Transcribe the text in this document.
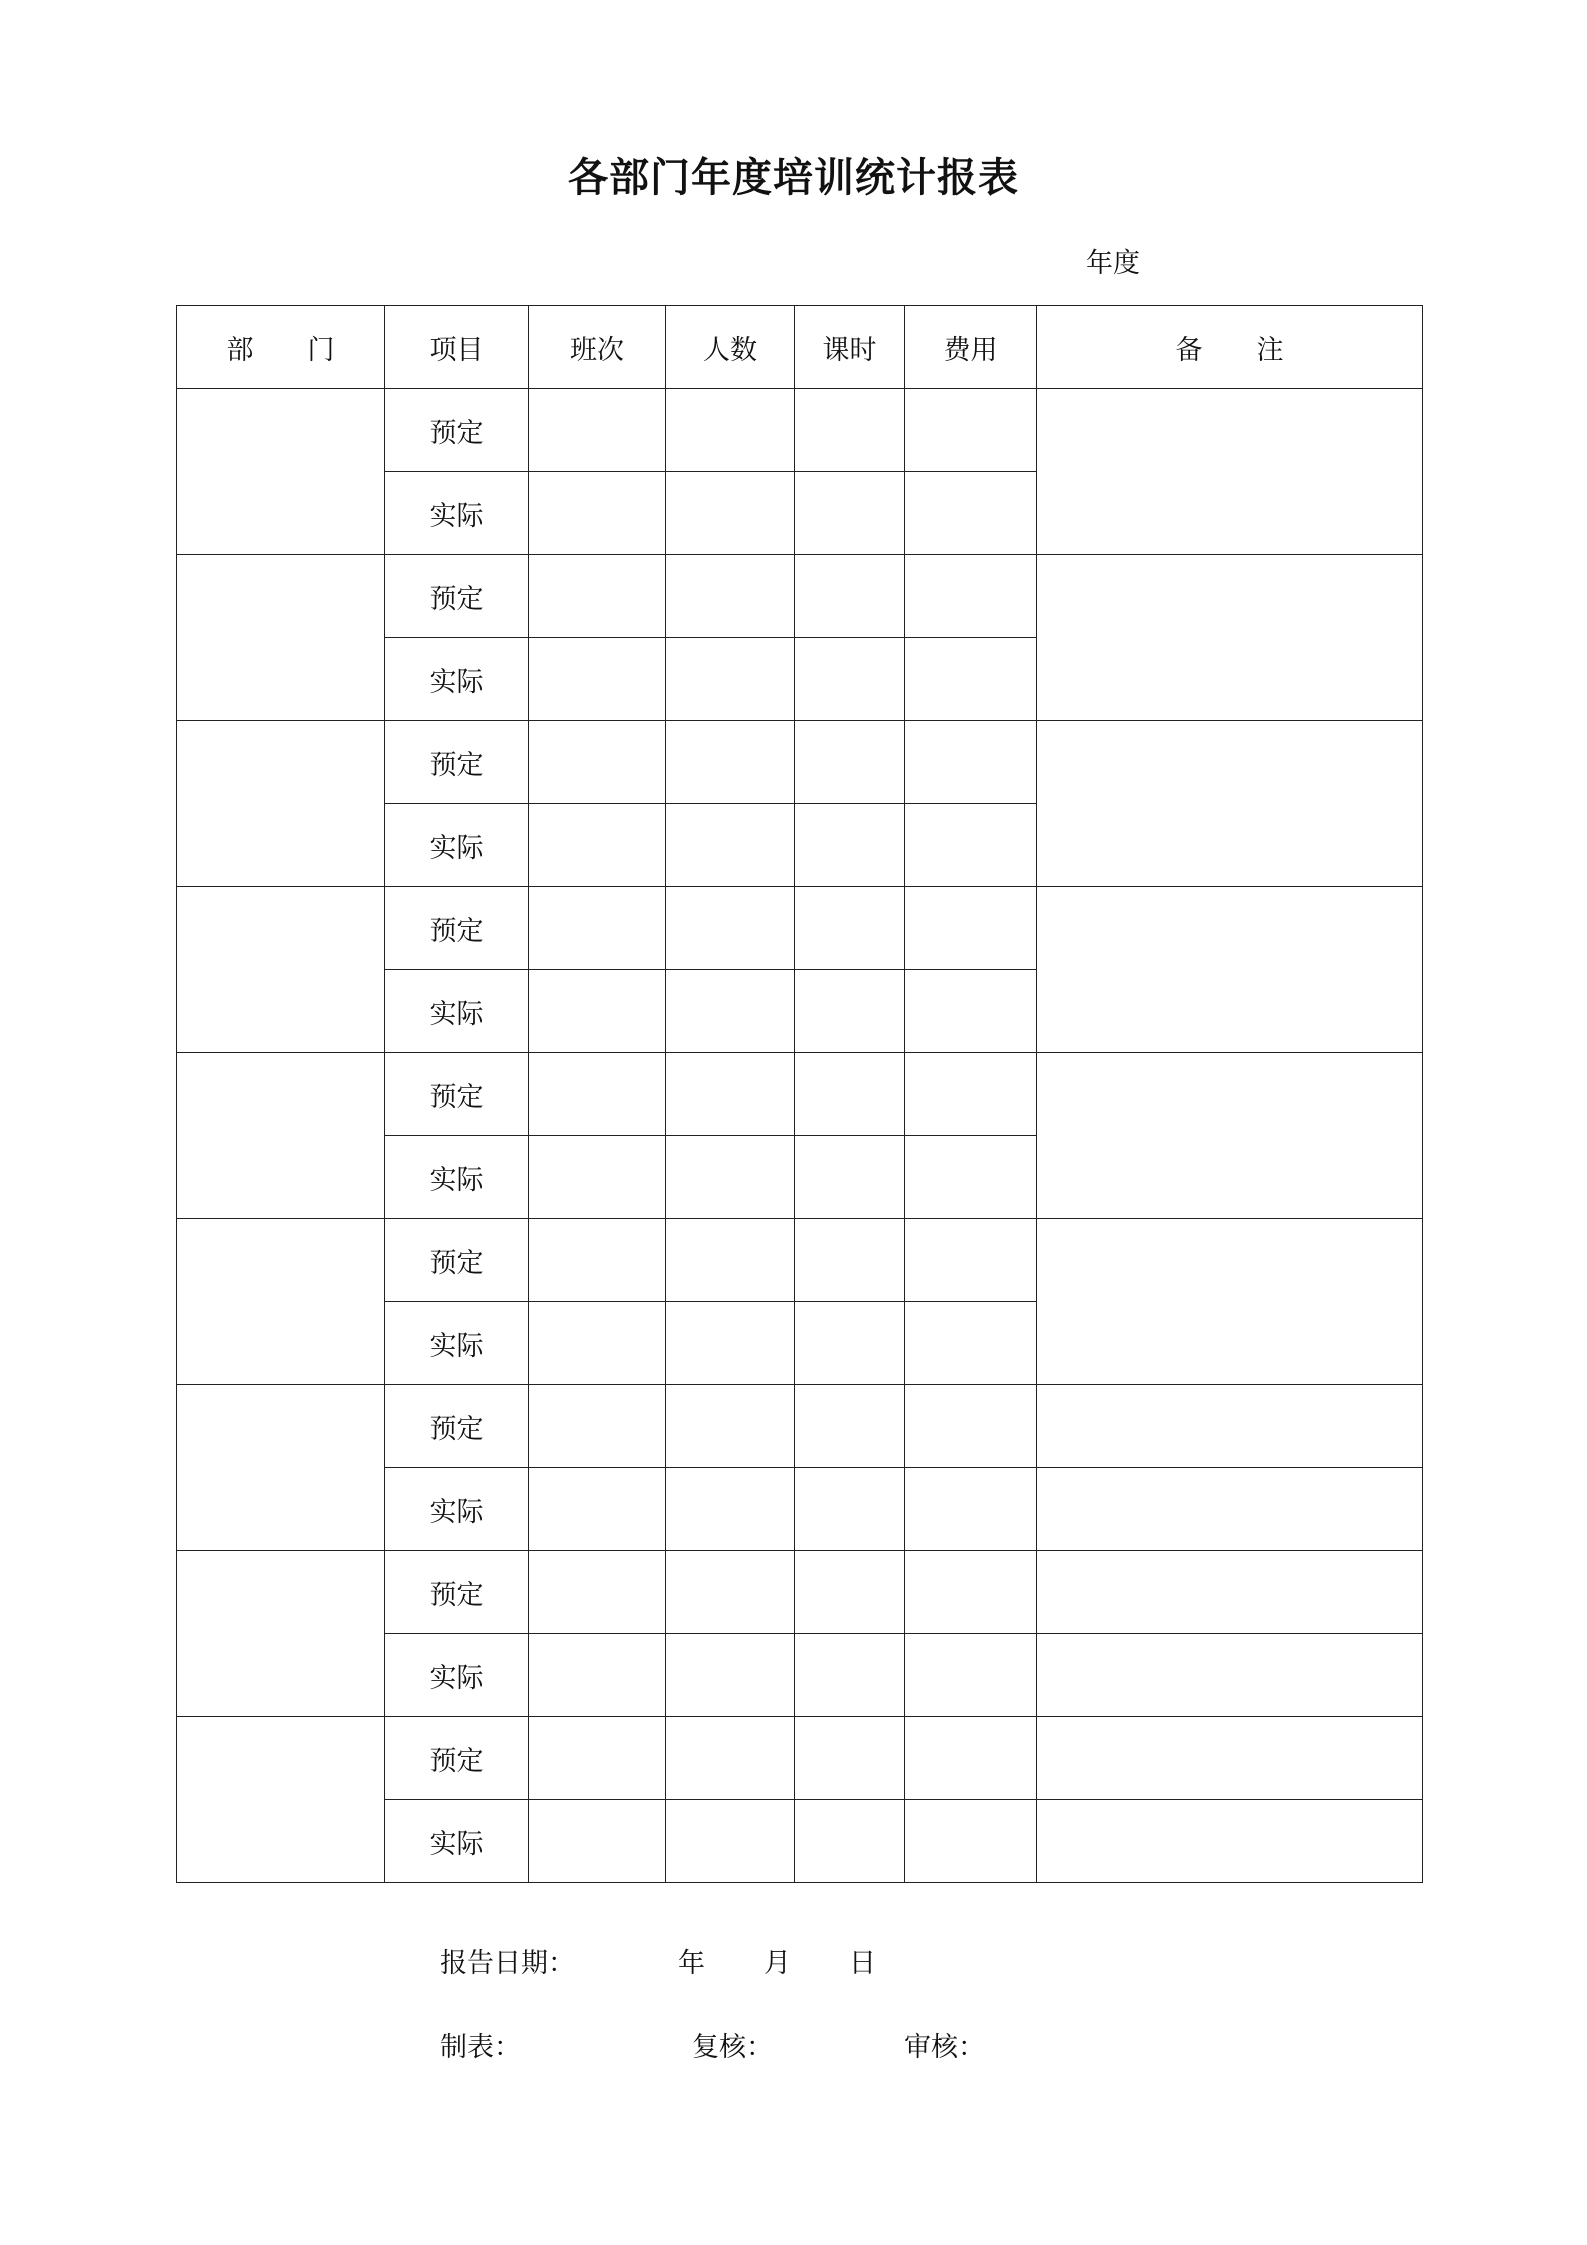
各部门年度培训统计报表
年度
部　　门	项目	班次	人数	课时	费用	备　　注
	预定					
	实际					
	预定					
	实际					
	预定					
	实际					
	预定					
	实际					
	预定					
	实际					
	预定					
	实际					
	预定					
	实际					
	预定					
	实际					
	预定					
	实际					
报告日期：	年 月 日
制表：	复核：	审核：
